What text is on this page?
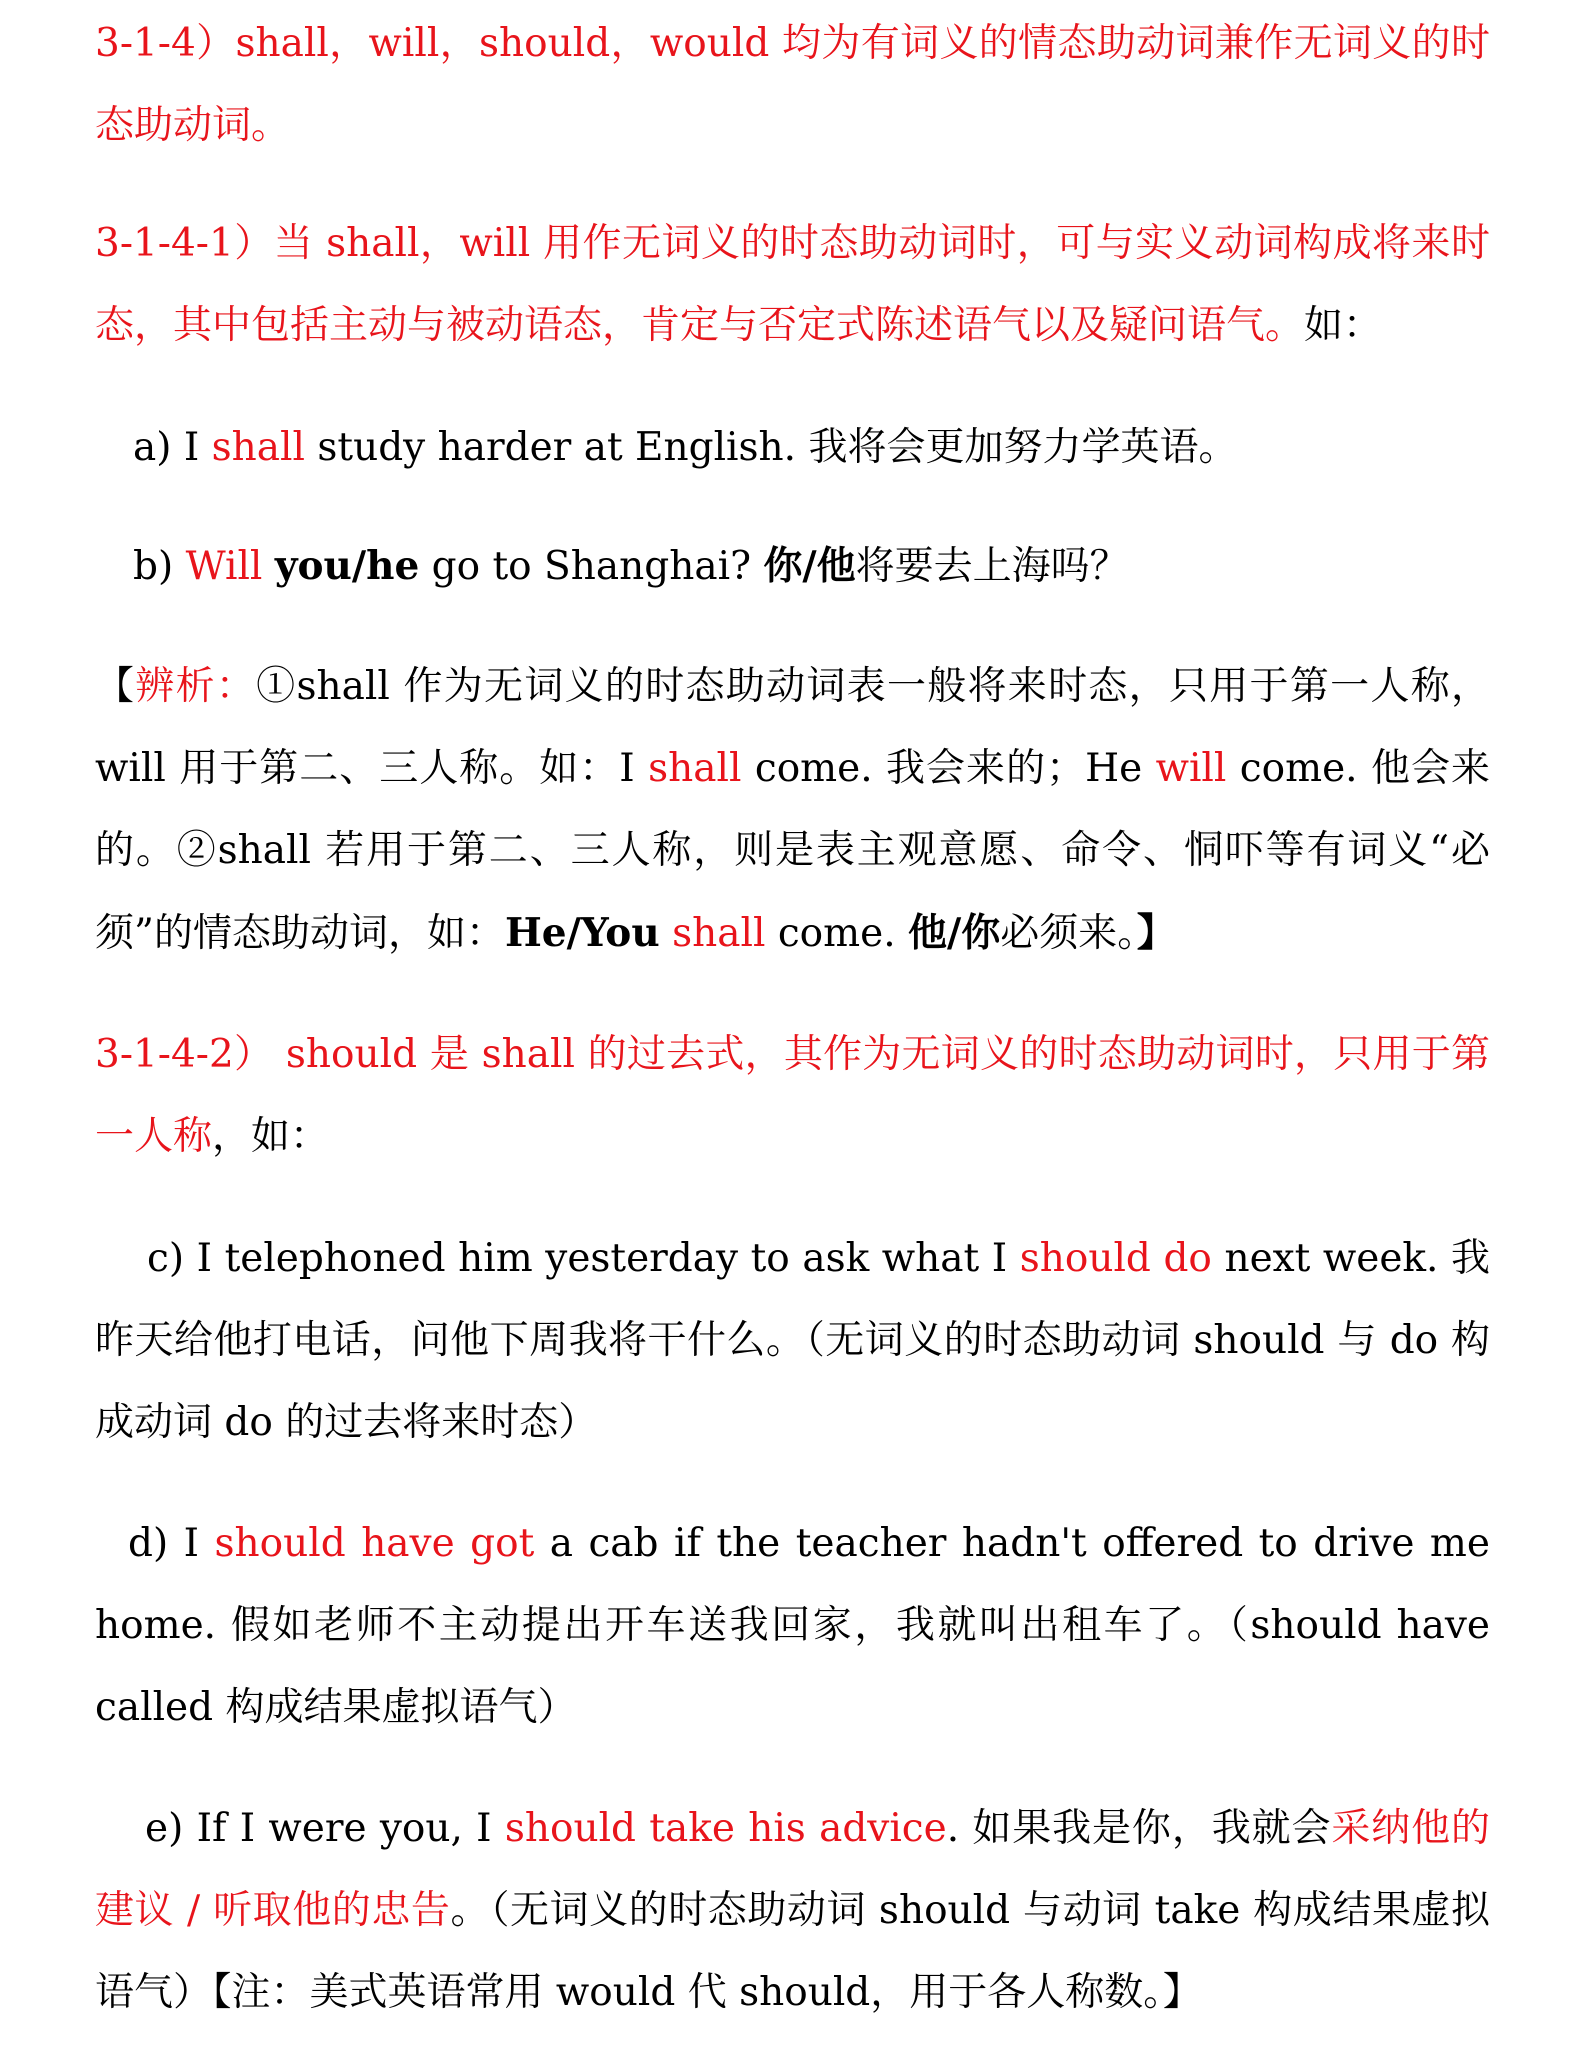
3-1-4）shall，will，should，would 均为有词义的情态助动词兼作无词义的时态助动词。
3-1-4-1）当 shall，will 用作无词义的时态助动词时，可与实义动词构成将来时态，其中包括主动与被动语态，肯定与否定式陈述语气以及疑问语气。如：
a) I shall study harder at English. 我将会更加努力学英语。
b) Will you/he go to Shanghai? 你/他将要去上海吗？
【辨析：①shall 作为无词义的时态助动词表一般将来时态，只用于第一人称，will 用于第二、三人称。如：I shall come. 我会来的；He will come. 他会来的。②shall 若用于第二、三人称，则是表主观意愿、命令、恫吓等有词义“必须”的情态助动词，如：He/You shall come. 他/你必须来。】
3-1-4-2） should 是 shall 的过去式，其作为无词义的时态助动词时，只用于第一人称，如：
c) I telephoned him yesterday to ask what I should do next week. 我昨天给他打电话，问他下周我将干什么。（无词义的时态助动词 should 与 do 构成动词 do 的过去将来时态）
d) I should have got a cab if the teacher hadn't offered to drive me home. 假如老师不主动提出开车送我回家，我就叫出租车了。（should have called 构成结果虚拟语气）
e) If I were you, I should take his advice. 如果我是你，我就会采纳他的建议 / 听取他的忠告。（无词义的时态助动词 should 与动词 take 构成结果虚拟语气）【注：美式英语常用 would 代 should，用于各人称数。】
